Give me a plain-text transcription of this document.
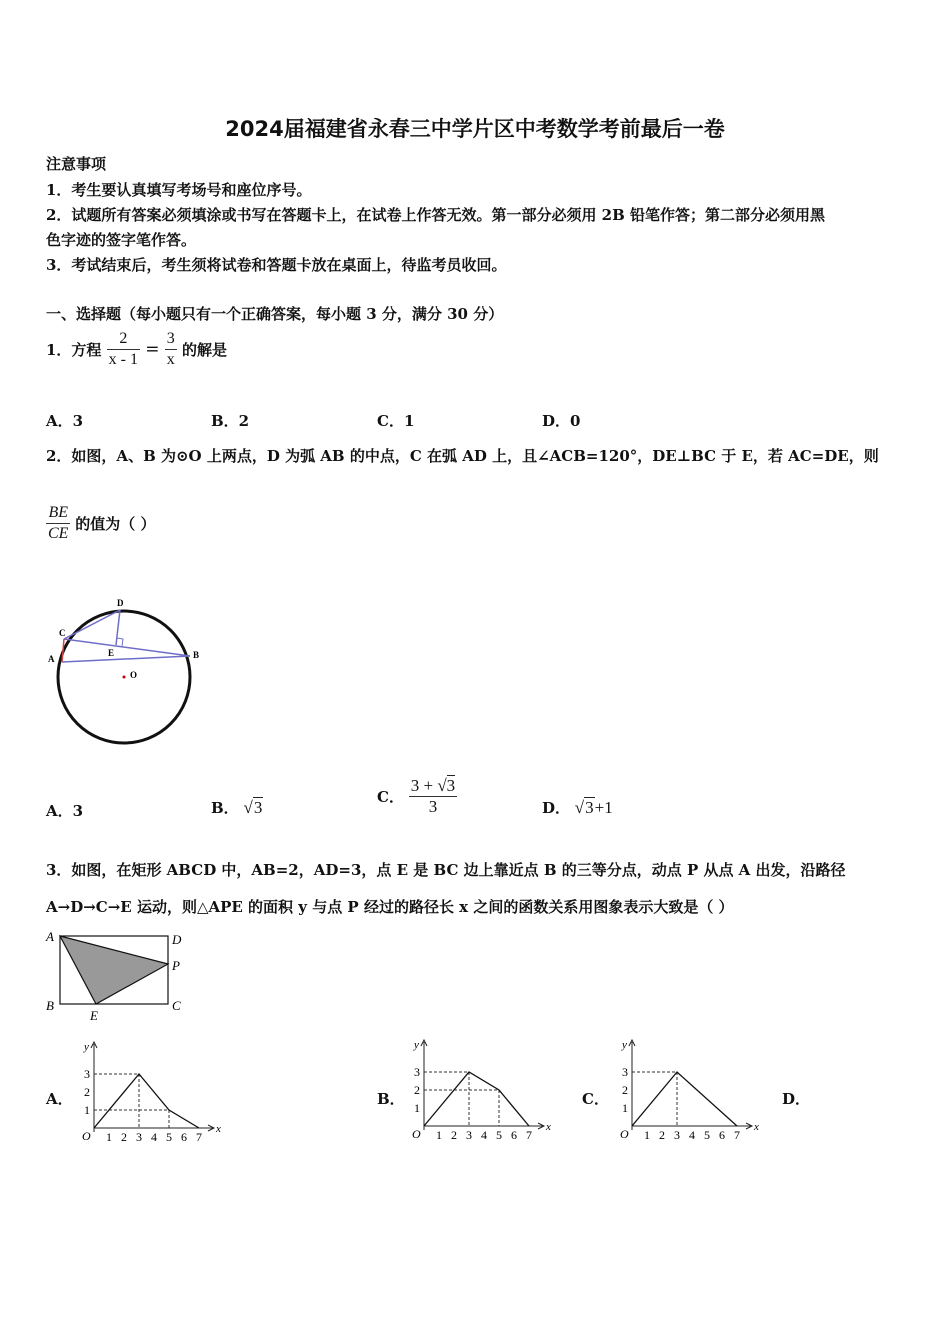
2024届福建省永春三中学片区中考数学考前最后一卷
注意事项
1．考生要认真填写考场号和座位序号。
2．试题所有答案必须填涂或书写在答题卡上，在试卷上作答无效。第一部分必须用 2B 铅笔作答；第二部分必须用黑
色字迹的签字笔作答。
3．考试结束后，考生须将试卷和答题卡放在桌面上，待监考员收回。
一、选择题（每小题只有一个正确答案，每小题 3 分，满分 30 分）
1．方程 $\frac{2}{x - 1} = \frac{3}{x}$ 的解是
A．3	B．2	C．1	D．0
2．如图，A、B 为⊙O 上两点，D 为弧 AB 的中点，C 在弧 AD 上，且∠ACB=120°，DE⊥BC 于 E，若 AC=DE，则
$\frac{BE}{CE}$ 的值为（ ）
A	B
C
D
E
O
A．3	B． √3
C． $\frac{3 + √3}{3}$	D． √3+1
3．如图，在矩形 ABCD 中，AB=2，AD=3，点 E 是 BC 边上靠近点 B 的三等分点，动点 P 从点 A 出发，沿路径
A→D→C→E 运动，则△APE 的面积 y 与点 P 经过的路径长 x 之间的函数关系用图象表示大致是（ ）
A	D
P
B	C
E
A．	B．	C．	D．
y
x
O 1 2 3 4 5 6 7
1
2
3
y
x
O 1 2 3 4 5 6 7
1
2
3
y
x
O 1 2 3 4 5 6 7
1
2
3
